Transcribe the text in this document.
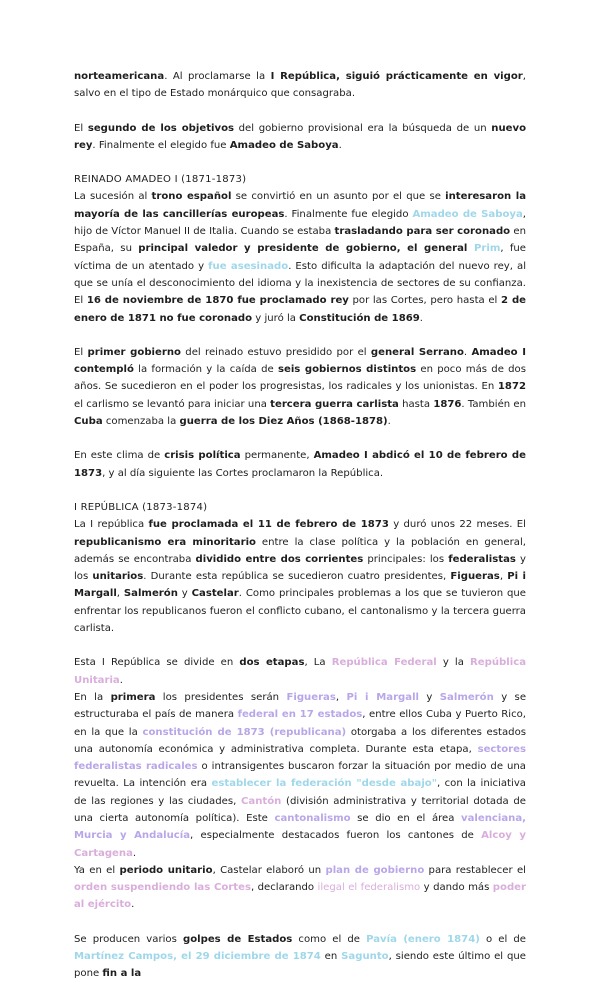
norteamericana. Al proclamarse la I República, siguió prácticamente en vigor, salvo en el tipo de Estado monárquico que consagraba.

El segundo de los objetivos del gobierno provisional era la búsqueda de un nuevo rey. Finalmente el elegido fue Amadeo de Saboya.

REINADO AMADEO I (1871-1873)

La sucesión al trono español se convirtió en un asunto por el que se interesaron la mayoría de las cancillerías europeas. Finalmente fue elegido Amadeo de Saboya, hijo de Víctor Manuel II de Italia. Cuando se estaba trasladando para ser coronado en España, su principal valedor y presidente de gobierno, el general Prim, fue víctima de un atentado y fue asesinado. Esto dificulta la adaptación del nuevo rey, al que se unía el desconocimiento del idioma y la inexistencia de sectores de su confianza. El 16 de noviembre de 1870 fue proclamado rey por las Cortes, pero hasta el 2 de enero de 1871 no fue coronado y juró la Constitución de 1869.

El primer gobierno del reinado estuvo presidido por el general Serrano. Amadeo I contempló la formación y la caída de seis gobiernos distintos en poco más de dos años. Se sucedieron en el poder los progresistas, los radicales y los unionistas. En 1872 el carlismo se levantó para iniciar una tercera guerra carlista hasta 1876. También en Cuba comenzaba la guerra de los Diez Años (1868-1878).

En este clima de crisis política permanente, Amadeo I abdicó el 10 de febrero de 1873, y al día siguiente las Cortes proclamaron la República.

I REPÚBLICA (1873-1874)

La I república fue proclamada el 11 de febrero de 1873 y duró unos 22 meses. El republicanismo era minoritario entre la clase política y la población en general, además se encontraba dividido entre dos corrientes principales: los federalistas y los unitarios. Durante esta república se sucedieron cuatro presidentes, Figueras, Pi i Margall, Salmerón y Castelar. Como principales problemas a los que se tuvieron que enfrentar los republicanos fueron el conflicto cubano, el cantonalismo y la tercera guerra carlista.

Esta I República se divide en dos etapas, La República Federal y la República Unitaria.

En la primera los presidentes serán Figueras, Pi i Margall y Salmerón y se estructuraba el país de manera federal en 17 estados, entre ellos Cuba y Puerto Rico, en la que la constitución de 1873 (republicana) otorgaba a los diferentes estados una autonomía económica y administrativa completa. Durante esta etapa, sectores federalistas radicales o intransigentes buscaron forzar la situación por medio de una revuelta. La intención era establecer la federación "desde abajo", con la iniciativa de las regiones y las ciudades, Cantón (división administrativa y territorial dotada de una cierta autonomía política). Este cantonalismo se dio en el área valenciana, Murcia y Andalucía, especialmente destacados fueron los cantones de Alcoy y Cartagena.

Ya en el periodo unitario, Castelar elaboró un plan de gobierno para restablecer el orden suspendiendo las Cortes, declarando ilegal el federalismo y dando más poder al ejército.

Se producen varios golpes de Estados como el de Pavía (enero 1874) o el de Martínez Campos, el 29 diciembre de 1874 en Sagunto, siendo este último el que pone fin a la
